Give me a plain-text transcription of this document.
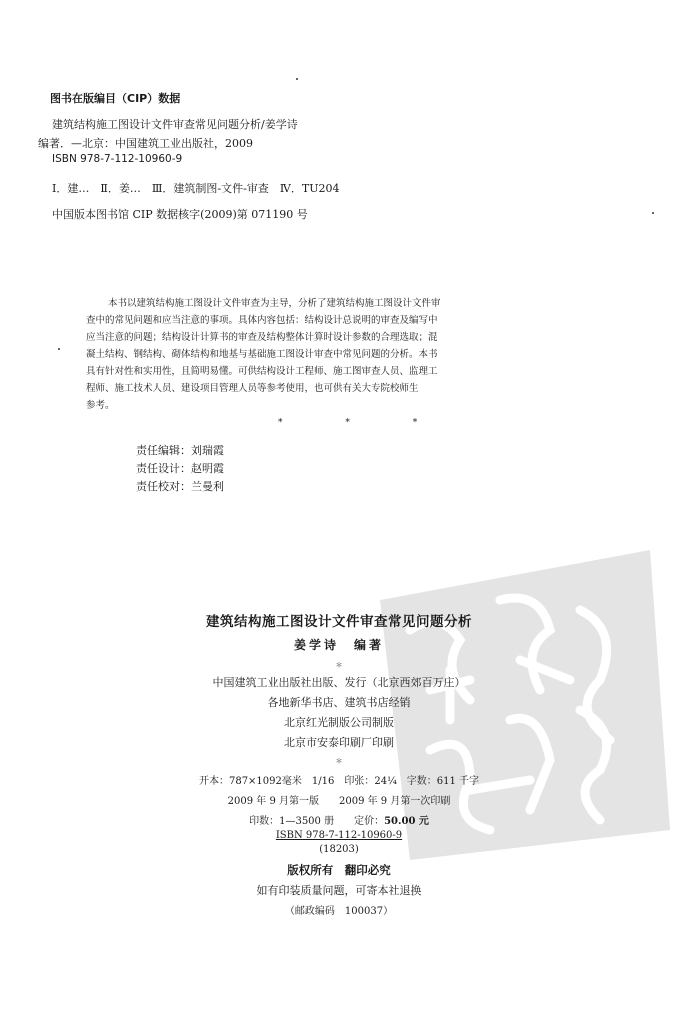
图书在版编目（CIP）数据
建筑结构施工图设计文件审查常见问题分析/姜学诗
编著．—北京：中国建筑工业出版社，2009
ISBN 978-7-112-10960-9
Ⅰ．建…　Ⅱ．姜…　Ⅲ．建筑制图-文件-审查　Ⅳ．TU204
中国版本图书馆 CIP 数据核字(2009)第 071190 号
本书以建筑结构施工图设计文件审查为主导，分析了建筑结构施工图设计文件审
查中的常见问题和应当注意的事项。具体内容包括：结构设计总说明的审查及编写中
应当注意的问题；结构设计计算书的审查及结构整体计算时设计参数的合理选取；混
凝土结构、钢结构、砌体结构和地基与基础施工图设计审查中常见问题的分析。本书
具有针对性和实用性，且简明易懂。可供结构设计工程师、施工图审查人员、监理工
程师、施工技术人员、建设项目管理人员等参考使用，也可供有关大专院校师生
参考。
* * *
责任编辑：刘瑞霞
责任设计：赵明霞
责任校对：兰曼利
建筑结构施工图设计文件审查常见问题分析
姜学诗　编著
＊
中国建筑工业出版社出版、发行（北京西郊百万庄）
各地新华书店、建筑书店经销
北京红光制版公司制版
北京市安泰印刷厂印刷
＊
开本：787×1092毫米　1/16　印张：24¼　字数：611 千字
2009 年 9 月第一版　　2009 年 9 月第一次印刷
印数：1—3500 册　　定价：50.00 元
ISBN 978-7-112-10960-9
(18203)
版权所有　翻印必究
如有印装质量问题，可寄本社退换
（邮政编码　100037）
